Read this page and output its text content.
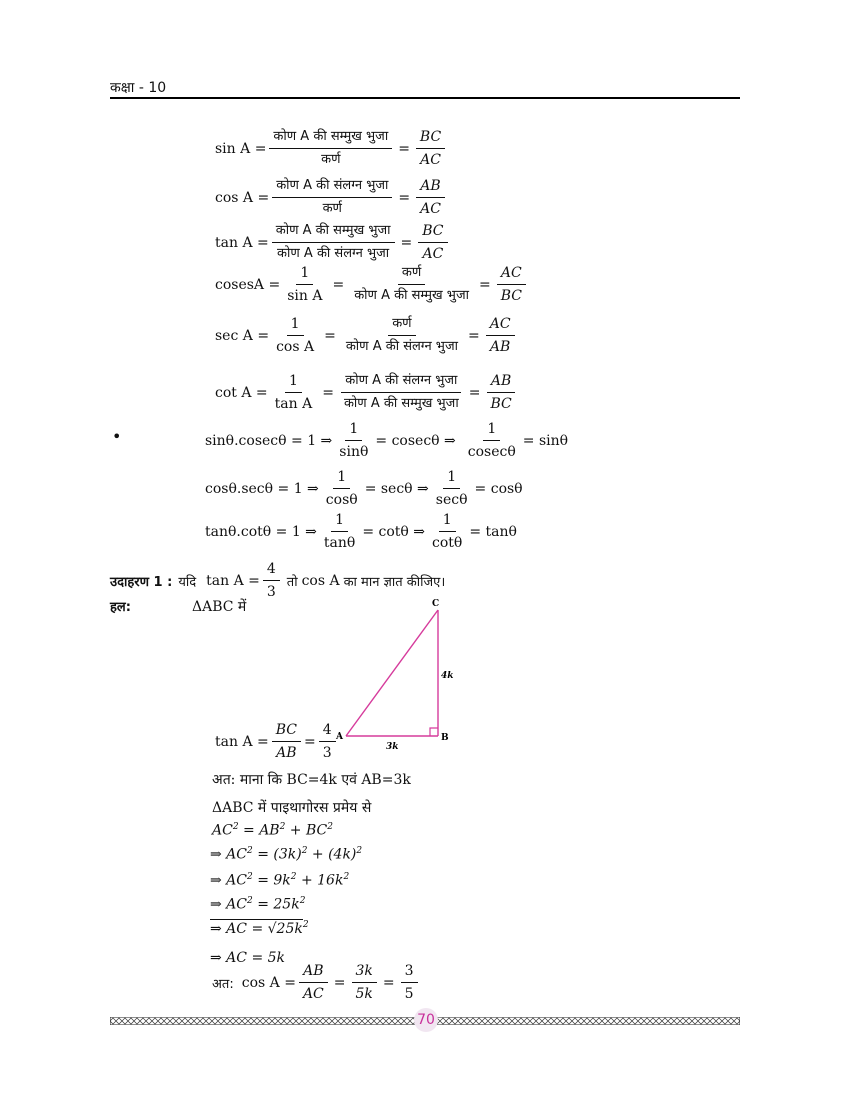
कक्षा - 10
$\sin A = \frac{\text{कोण A की सम्मुख भुजा}}{\text{कर्ण}} = \frac{BC}{AC}$
$\cos A = \frac{\text{कोण A की संलग्न भुजा}}{\text{कर्ण}} = \frac{AB}{AC}$
$\tan A = \frac{\text{कोण A की सम्मुख भुजा}}{\text{कोण A की संलग्न भुजा}} = \frac{BC}{AC}$
cosesA = $\frac{1}{\text{sin A}} = \frac{\text{कर्ण}}{\text{कोण A की सम्मुख भुजा}} = \frac{AC}{BC}$
$\sec A = \frac{1}{\text{cos A}} = \frac{\text{कर्ण}}{\text{कोण A की संलग्न भुजा}} = \frac{AC}{AB}$
$\cot A = \frac{1}{\text{tan A}} = \frac{\text{कोण A की संलग्न भुजा}}{\text{कोण A की सम्मुख भुजा}} = \frac{AB}{BC}$
•	sinθ.cosecθ = 1 ⇒ $\frac{1}{\sin\theta} = cosec\theta$ ⇒ $\frac{1}{cosec\theta} = \sin\theta$
cosθ.secθ = 1 ⇒ $\frac{1}{\cos\theta} = \sec\theta$ ⇒ $\frac{1}{\sec\theta} = \cos\theta$
tanθ.cotθ = 1 ⇒ $\frac{1}{\tan\theta} = \cot\theta$ ⇒ $\frac{1}{\cot\theta} = \tan\theta$
उदाहरण 1 : यदि $\tan A = \frac{4}{3}$ तो cos A का मान ज्ञात कीजिए।
हल:	ΔABC में	C
A	B
4k
3k
$\tan A = \frac{BC}{AB} = \frac{4}{3}$
अत: माना कि BC=4k एवं AB=3k
ΔABC में पाइथागोरस प्रमेय से
$AC^2 = AB^2 + BC^2$
⇒ $AC^2 = (3k)^2 + (4k)^2$
⇒ $AC^2 = 9k^2 + 16k^2$
⇒ $AC^2 = 25k^2$
⇒ AC = $√25k^2$
⇒ AC = 5k
अत: $\cos A = \frac{AB}{AC} = \frac{3k}{5k} = \frac{3}{5}$
70
